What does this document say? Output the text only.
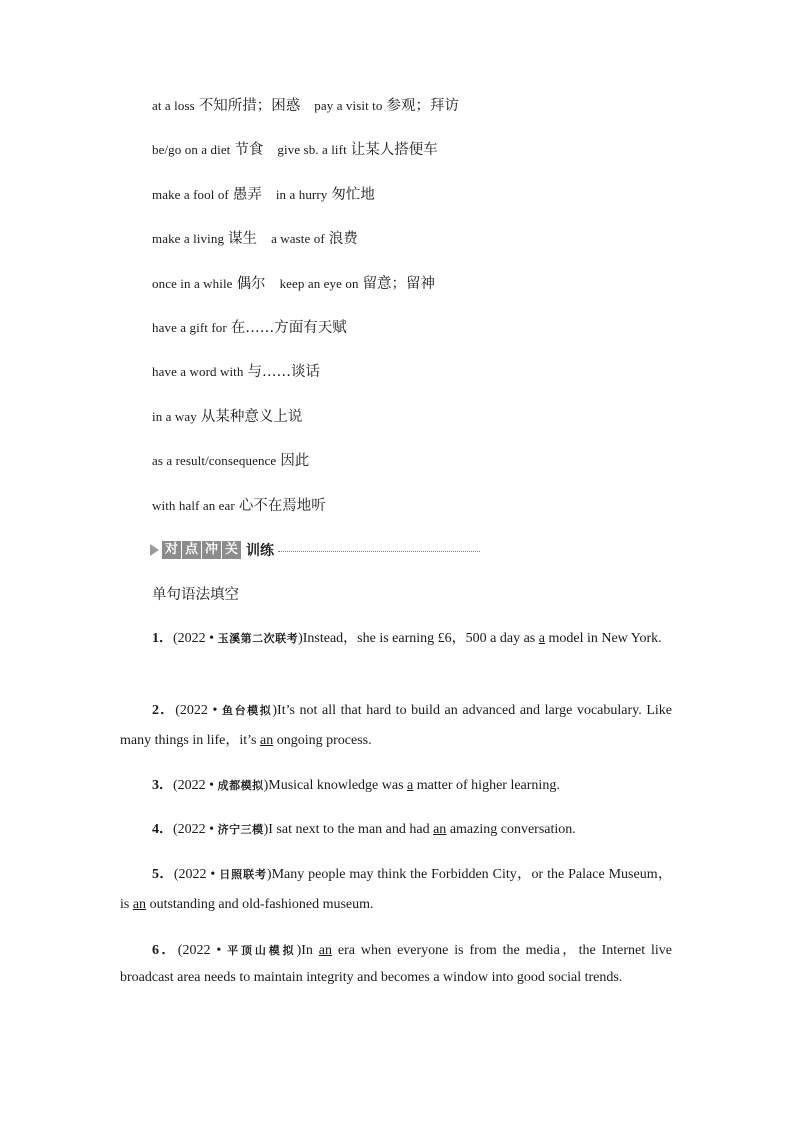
at a loss 不知所措；困惑 pay a visit to 参观；拜访
be/go on a diet 节食 give sb. a lift 让某人搭便车
make a fool of 愚弄 in a hurry 匆忙地
make a living 谋生 a waste of 浪费
once in a while 偶尔 keep an eye on 留意；留神
have a gift for 在……方面有天赋
have a word with 与……谈话
in a way 从某种意义上说
as a result/consequence 因此
with half an ear 心不在焉地听
对 点 冲 关 训练
单句语法填空
1．(2022 • 玉溪第二次联考)Instead，she is earning £6，500 a day as a model in New York.
2．(2022 • 鱼台模拟)It’s not all that hard to build an advanced and large vocabulary. Like many things in life，it’s an ongoing process.
3．(2022 • 成都模拟)Musical knowledge was a matter of higher learning.
4．(2022 • 济宁三模)I sat next to the man and had an amazing conversation.
5．(2022 • 日照联考)Many people may think the Forbidden City，or the Palace Museum，is an outstanding and old-fashioned museum.
6．(2022 • 平顶山模拟)In an era when everyone is from the media，the Internet live broadcast area needs to maintain integrity and becomes a window into good social trends.
